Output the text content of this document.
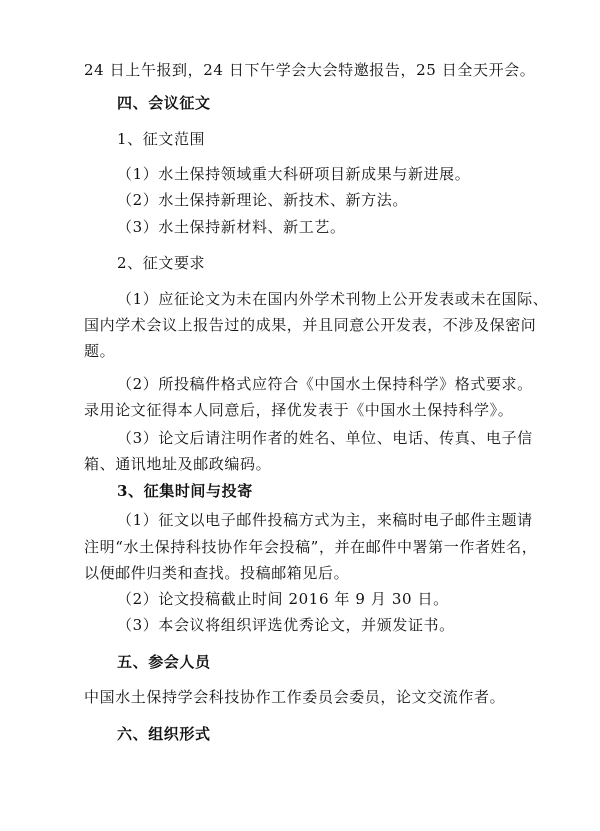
24 日上午报到，24 日下午学会大会特邀报告，25 日全天开会。
四、会议征文
1、征文范围
（1）水土保持领域重大科研项目新成果与新进展。
（2）水土保持新理论、新技术、新方法。
（3）水土保持新材料、新工艺。
2、征文要求
（1）应征论文为未在国内外学术刊物上公开发表或未在国际、
国内学术会议上报告过的成果，并且同意公开发表，不涉及保密问
题。
（2）所投稿件格式应符合《中国水土保持科学》格式要求。
录用论文征得本人同意后，择优发表于《中国水土保持科学》。
（3）论文后请注明作者的姓名、单位、电话、传真、电子信
箱、通讯地址及邮政编码。
3、征集时间与投寄
（1）征文以电子邮件投稿方式为主，来稿时电子邮件主题请
注明“水土保持科技协作年会投稿”，并在邮件中署第一作者姓名，
以便邮件归类和查找。投稿邮箱见后。
（2）论文投稿截止时间 2016 年 9 月 30 日。
（3）本会议将组织评选优秀论文，并颁发证书。
五、参会人员
中国水土保持学会科技协作工作委员会委员，论文交流作者。
六、组织形式
